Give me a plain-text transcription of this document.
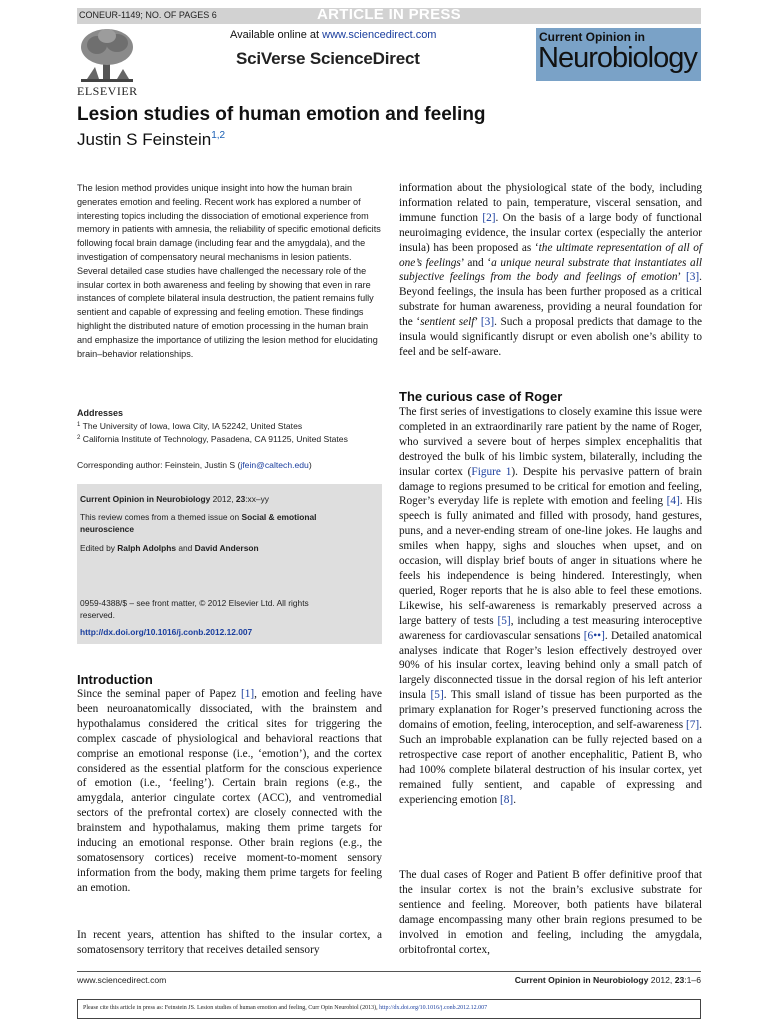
CONEUR-1149; NO. OF PAGES 6	ARTICLE IN PRESS
ELSEVIER
Available online at www.sciencedirect.com
SciVerse ScienceDirect
Current Opinion in
Neurobiology
Lesion studies of human emotion and feeling
Justin S Feinstein$^{1,2}$

The lesion method provides unique insight into how the human brain generates emotion and feeling. Recent work has explored a number of interesting topics including the dissociation of emotional experience from memory in patients with amnesia, the reliability of specific emotional deficits following focal brain damage (including fear and the amygdala), and the investigation of compensatory neural mechanisms in lesion patients. Several detailed case studies have challenged the necessary role of the insular cortex in both awareness and feeling by showing that even in rare instances of complete bilateral insula destruction, the patient remains fully sentient and capable of expressing and feeling emotion. These findings highlight the distributed nature of emotion processing in the human brain and emphasize the importance of utilizing the lesion method for elucidating brain–behavior relationships.

Addresses
$^1$ The University of Iowa, Iowa City, IA 52242, United States
$^2$ California Institute of Technology, Pasadena, CA 91125, United States
Corresponding author: Feinstein, Justin S (jfein@caltech.edu)
Current Opinion in Neurobiology 2012, 23:xx–yy
This review comes from a themed issue on Social & emotional
neuroscience
Edited by Ralph Adolphs and David Anderson
0959-4388/$ – see front matter, © 2012 Elsevier Ltd. All rights
reserved.
http://dx.doi.org/10.1016/j.conb.2012.12.007
Introduction

Since the seminal paper of Papez [1], emotion and feeling have been neuroanatomically dissociated, with the brainstem and hypothalamus considered the critical sites for triggering the complex cascade of physiological and behavioral reactions that comprise an emotional response (i.e., ‘emotion’), and the cortex considered as the essential platform for the conscious experience of emotion (i.e., ‘feeling’). Certain brain regions (e.g., the amygdala, anterior cingulate cortex (ACC), and ventromedial sectors of the prefrontal cortex) are closely connected with the brainstem and hypothalamus, making them prime targets for inducing an emotional response. Other brain regions (e.g., the somatosensory cortices) receive moment-to-moment sensory information from the body, making them prime targets for feeling an emotion.

In recent years, attention has shifted to the insular cortex, a somatosensory territory that receives detailed sensory

information about the physiological state of the body, including information related to pain, temperature, visceral sensation, and immune function [2]. On the basis of a large body of functional neuroimaging evidence, the insular cortex (especially the anterior insula) has been proposed as ‘the ultimate representation of all of one’s feelings’ and ‘a unique neural substrate that instantiates all subjective feelings from the body and feelings of emotion’ [3]. Beyond feelings, the insula has been further proposed as a critical substrate for human awareness, providing a neural foundation for the ‘sentient self’ [3]. Such a proposal predicts that damage to the insula would significantly disrupt or even abolish one’s ability to feel and be self-aware.

The curious case of Roger

The first series of investigations to closely examine this issue were completed in an extraordinarily rare patient by the name of Roger, who survived a severe bout of herpes simplex encephalitis that destroyed the bulk of his limbic system, bilaterally, including the insular cortex (Figure 1). Despite his pervasive pattern of brain damage to regions presumed to be critical for emotion and feeling, Roger’s everyday life is replete with emotion and feeling [4]. His speech is fully animated and filled with prosody, hand gestures, puns, and a never-ending stream of one-line jokes. He laughs and smiles when happy, sighs and slouches when upset, and on occasion, will display brief bouts of anger in situations where he feels his independence is being hindered. Interestingly, when queried, Roger reports that he is also able to feel these emotions. Likewise, his self-awareness is remarkably preserved across a large battery of tests [5], including a test measuring interoceptive awareness for cardiovascular sensations [6••]. Detailed anatomical analyses indicate that Roger’s lesion effectively destroyed over 90% of his insular cortex, leaving behind only a small patch of largely disconnected tissue in the dorsal region of his left anterior insula [5]. This small island of tissue has been purported as the primary explanation for Roger’s preserved functioning across the domains of emotion, feeling, interoception, and self-awareness [7]. Such an improbable explanation can be fully rejected based on a retrospective case report of another encephalitic, Patient B, who had 100% complete bilateral destruction of his insular cortex, yet remained fully sentient, and capable of expressing and experiencing emotion [8].

The dual cases of Roger and Patient B offer definitive proof that the insular cortex is not the brain’s exclusive substrate for sentience and feeling. Moreover, both patients have bilateral damage encompassing many other brain regions presumed to be involved in emotion and feeling, including the amygdala, orbitofrontal cortex,

www.sciencedirect.com	Current Opinion in Neurobiology 2012, 23:1–6
Please cite this article in press as: Feinstein JS. Lesion studies of human emotion and feeling, Curr Opin Neurobiol (2013), http://dx.doi.org/10.1016/j.conb.2012.12.007
